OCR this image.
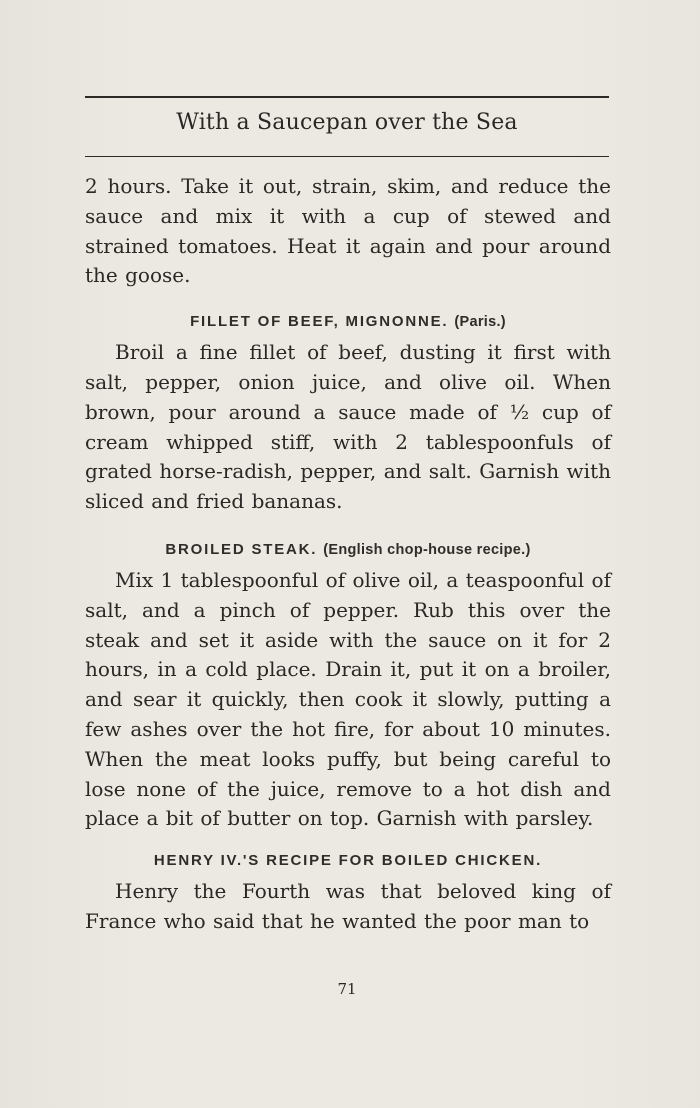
With a Saucepan over the Sea

2 hours. Take it out, strain, skim, and reduce the sauce and mix it with a cup of stewed and strained tomatoes. Heat it again and pour around the goose.

FILLET OF BEEF, MIGNONNE. (Paris.)

Broil a fine fillet of beef, dusting it first with salt, pepper, onion juice, and olive oil. When brown, pour around a sauce made of ½ cup of cream whipped stiff, with 2 tablespoonfuls of grated horse-radish, pepper, and salt. Garnish with sliced and fried bananas.

BROILED STEAK. (English chop-house recipe.)

Mix 1 tablespoonful of olive oil, a teaspoonful of salt, and a pinch of pepper. Rub this over the steak and set it aside with the sauce on it for 2 hours, in a cold place. Drain it, put it on a broiler, and sear it quickly, then cook it slowly, putting a few ashes over the hot fire, for about 10 minutes. When the meat looks puffy, but being careful to lose none of the juice, remove to a hot dish and place a bit of butter on top. Garnish with parsley.

HENRY IV.'S RECIPE FOR BOILED CHICKEN.

Henry the Fourth was that beloved king of France who said that he wanted the poor man to

71
